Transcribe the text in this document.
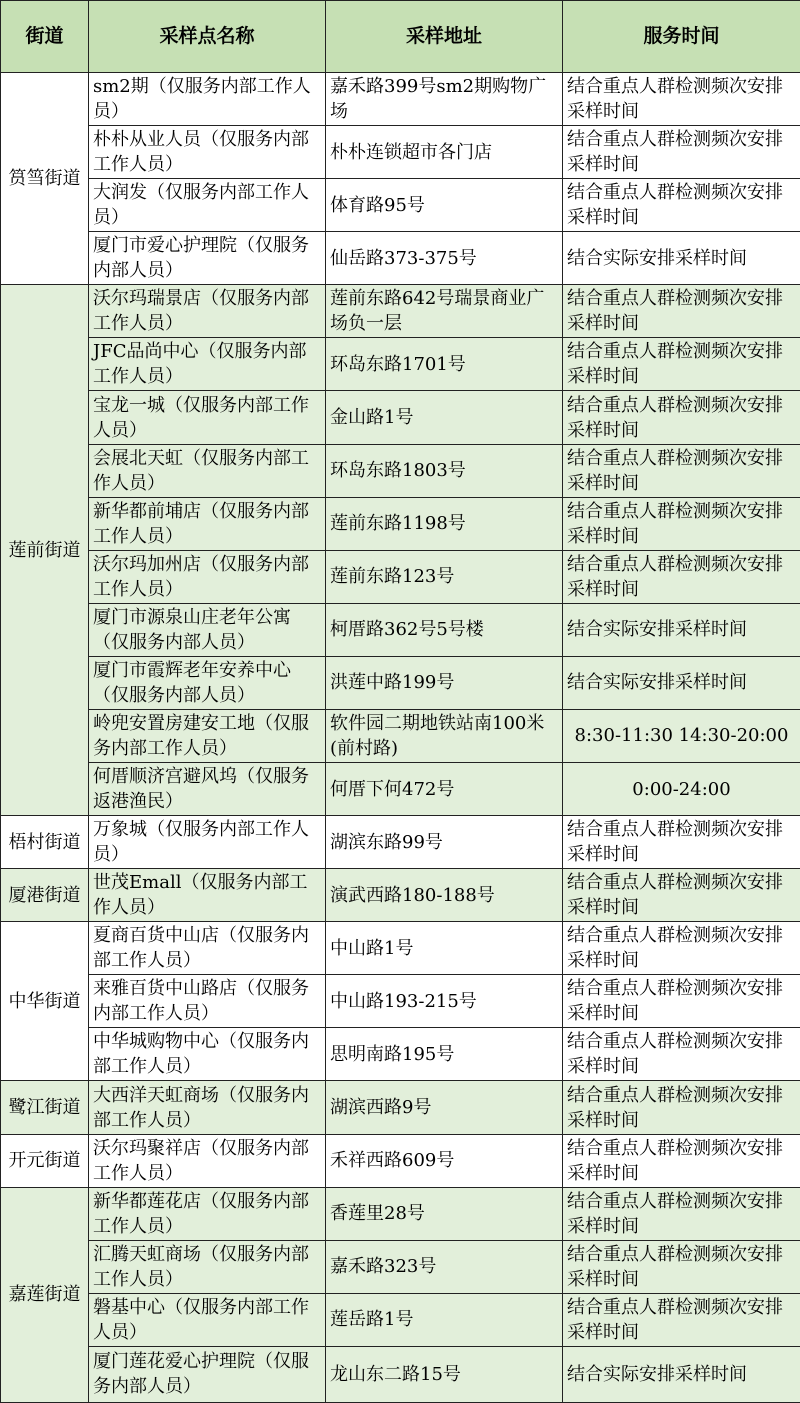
街道	采样点名称	采样地址	服务时间
筼筜街道	sm2期（仅服务内部工作人员）	嘉禾路399号sm2期购物广场	结合重点人群检测频次安排采样时间
	朴朴从业人员（仅服务内部工作人员）	朴朴连锁超市各门店	结合重点人群检测频次安排采样时间
	大润发（仅服务内部工作人员）	体育路95号	结合重点人群检测频次安排采样时间
	厦门市爱心护理院（仅服务内部人员）	仙岳路373-375号	结合实际安排采样时间
莲前街道	沃尔玛瑞景店（仅服务内部工作人员）	莲前东路642号瑞景商业广场负一层	结合重点人群检测频次安排采样时间
	JFC品尚中心（仅服务内部工作人员）	环岛东路1701号	结合重点人群检测频次安排采样时间
	宝龙一城（仅服务内部工作人员）	金山路1号	结合重点人群检测频次安排采样时间
	会展北天虹（仅服务内部工作人员）	环岛东路1803号	结合重点人群检测频次安排采样时间
	新华都前埔店（仅服务内部工作人员）	莲前东路1198号	结合重点人群检测频次安排采样时间
	沃尔玛加州店（仅服务内部工作人员）	莲前东路123号	结合重点人群检测频次安排采样时间
	厦门市源泉山庄老年公寓（仅服务内部人员）	柯厝路362号5号楼	结合实际安排采样时间
	厦门市霞辉老年安养中心（仅服务内部人员）	洪莲中路199号	结合实际安排采样时间
	岭兜安置房建安工地（仅服务内部工作人员）	软件园二期地铁站南100米(前村路)	8:30-11:30 14:30-20:00
	何厝顺济宫避风坞（仅服务返港渔民）	何厝下何472号	0:00-24:00
梧村街道	万象城（仅服务内部工作人员）	湖滨东路99号	结合重点人群检测频次安排采样时间
厦港街道	世茂Emall（仅服务内部工作人员）	演武西路180-188号	结合重点人群检测频次安排采样时间
中华街道	夏商百货中山店（仅服务内部工作人员）	中山路1号	结合重点人群检测频次安排采样时间
	来雅百货中山路店（仅服务内部工作人员）	中山路193-215号	结合重点人群检测频次安排采样时间
	中华城购物中心（仅服务内部工作人员）	思明南路195号	结合重点人群检测频次安排采样时间
鹭江街道	大西洋天虹商场（仅服务内部工作人员）	湖滨西路9号	结合重点人群检测频次安排采样时间
开元街道	沃尔玛聚祥店（仅服务内部工作人员）	禾祥西路609号	结合重点人群检测频次安排采样时间
嘉莲街道	新华都莲花店（仅服务内部工作人员）	香莲里28号	结合重点人群检测频次安排采样时间
	汇腾天虹商场（仅服务内部工作人员）	嘉禾路323号	结合重点人群检测频次安排采样时间
	磐基中心（仅服务内部工作人员）	莲岳路1号	结合重点人群检测频次安排采样时间
	厦门莲花爱心护理院（仅服务内部人员）	龙山东二路15号	结合实际安排采样时间
